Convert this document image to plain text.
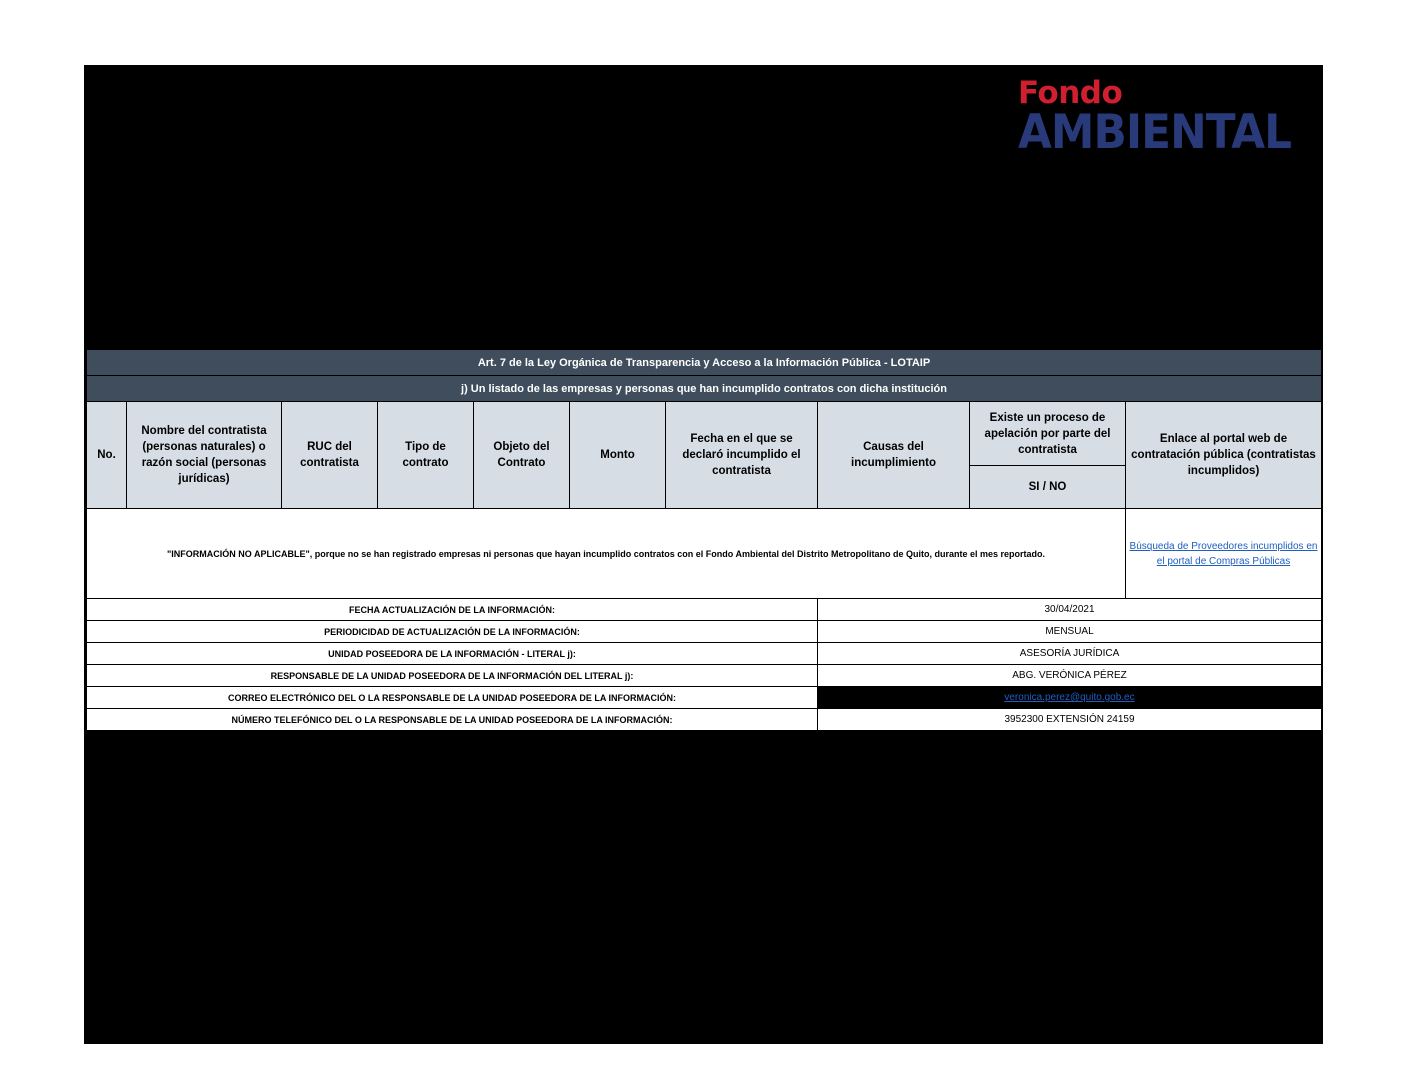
Fondo
AMBIENTAL
Art. 7 de la Ley Orgánica de Transparencia y Acceso a la Información Pública - LOTAIP									
j) Un listado de las empresas y personas que han incumplido contratos con dicha institución									
No.	Nombre del contratista (personas naturales) o razón social (personas jurídicas)	RUC del contratista	Tipo de contrato	Objeto del Contrato	Monto	Fecha en el que se declaró incumplido el contratista	Causas del incumplimiento	Existe un proceso de apelación por parte del contratista	Enlace al portal web de contratación pública (contratistas incumplidos)
								SI / NO	
"INFORMACIÓN NO APLICABLE", porque no se han registrado empresas ni personas que hayan incumplido contratos con el Fondo Ambiental del Distrito Metropolitano de Quito, durante el mes reportado.									Búsqueda de Proveedores incumplidos en el portal de Compras Públicas
FECHA ACTUALIZACIÓN DE LA INFORMACIÓN:							30/04/2021		
PERIODICIDAD DE ACTUALIZACIÓN DE LA INFORMACIÓN:							MENSUAL		
UNIDAD POSEEDORA DE LA INFORMACIÓN - LITERAL j):							ASESORÍA JURÍDICA		
RESPONSABLE DE LA UNIDAD POSEEDORA DE LA INFORMACIÓN DEL LITERAL j):							ABG. VERÓNICA PÉREZ		
CORREO ELECTRÓNICO DEL O LA RESPONSABLE DE LA UNIDAD POSEEDORA DE LA INFORMACIÓN:							veronica.perez@quito.gob.ec		
NÚMERO TELEFÓNICO DEL O LA RESPONSABLE DE LA UNIDAD POSEEDORA DE LA INFORMACIÓN:							3952300 EXTENSIÓN 24159		
